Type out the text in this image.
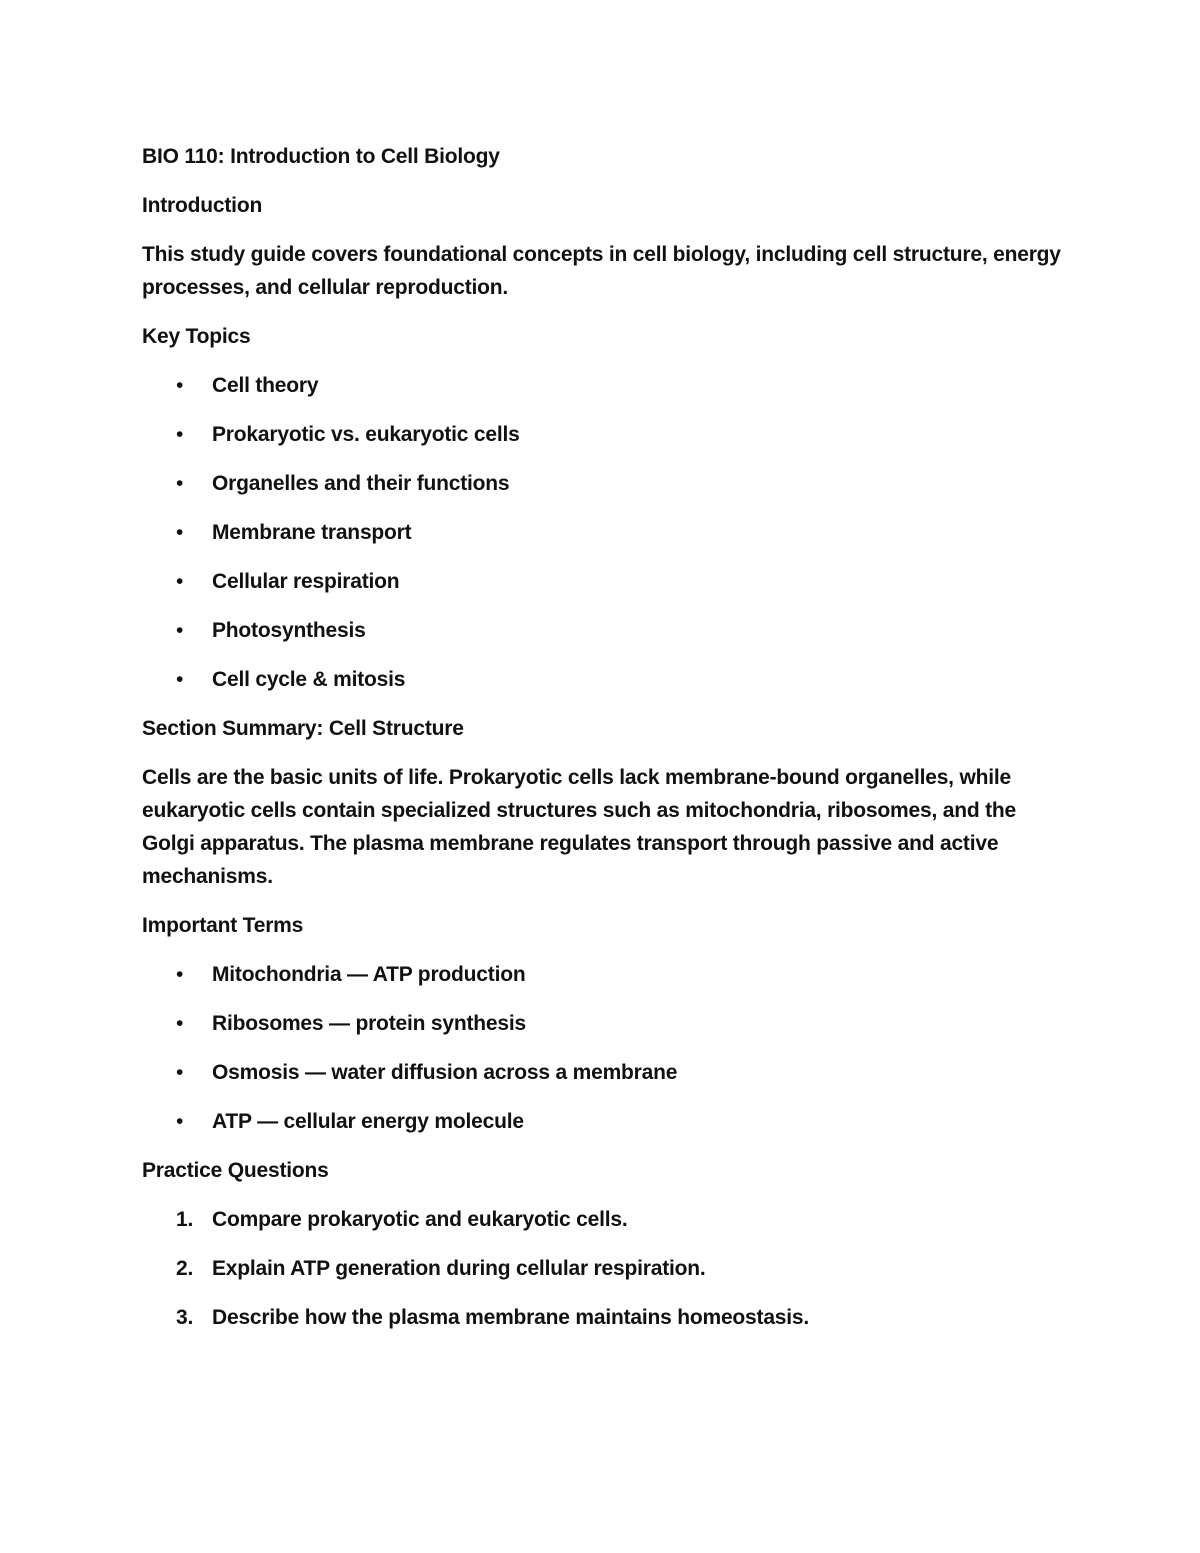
BIO 110: Introduction to Cell Biology

Introduction

This study guide covers foundational concepts in cell biology, including cell structure, energy processes, and cellular reproduction.

Key Topics

•	Cell theory
•	Prokaryotic vs. eukaryotic cells
•	Organelles and their functions
•	Membrane transport
•	Cellular respiration
•	Photosynthesis
•	Cell cycle & mitosis

Section Summary: Cell Structure

Cells are the basic units of life. Prokaryotic cells lack membrane-bound organelles, while eukaryotic cells contain specialized structures such as mitochondria, ribosomes, and the Golgi apparatus. The plasma membrane regulates transport through passive and active mechanisms.

Important Terms

•	Mitochondria — ATP production
•	Ribosomes — protein synthesis
•	Osmosis — water diffusion across a membrane
•	ATP — cellular energy molecule

Practice Questions

1. Compare prokaryotic and eukaryotic cells.
2. Explain ATP generation during cellular respiration.
3. Describe how the plasma membrane maintains homeostasis.
